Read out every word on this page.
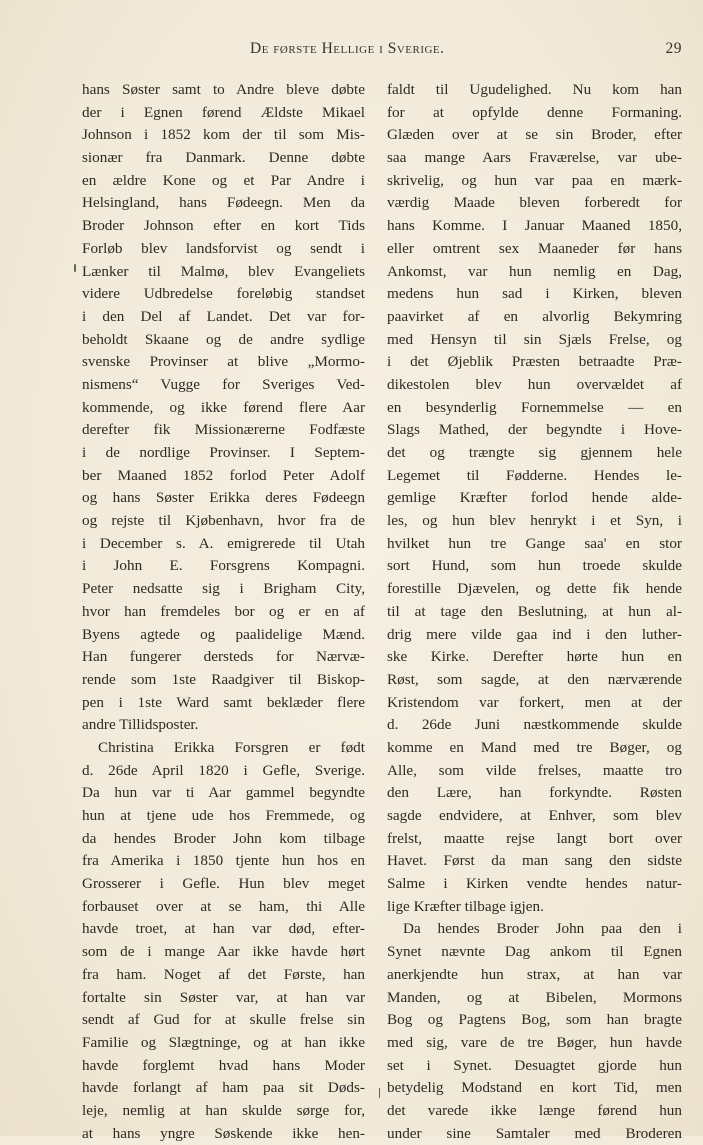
De første Hellige i Sverige.	29
hans Søster samt to Andre bleve døbte
der i Egnen førend Ældste Mikael
Johnson i 1852 kom der til som Mis-
sionær fra Danmark. Denne døbte
en ældre Kone og et Par Andre i
Helsingland, hans Fødeegn. Men da
Broder Johnson efter en kort Tids
Forløb blev landsforvist og sendt i
Lænker til Malmø, blev Evangeliets
videre Udbredelse foreløbig standset
i den Del af Landet. Det var for-
beholdt Skaane og de andre sydlige
svenske Provinser at blive „Mormo-
nismens“ Vugge for Sveriges Ved-
kommende, og ikke førend flere Aar
derefter fik Missionærerne Fodfæste
i de nordlige Provinser. I Septem-
ber Maaned 1852 forlod Peter Adolf
og hans Søster Erikka deres Fødeegn
og rejste til Kjøbenhavn, hvor fra de
i December s. A. emigrerede til Utah
i John E. Forsgrens Kompagni.
Peter nedsatte sig i Brigham City,
hvor han fremdeles bor og er en af
Byens agtede og paalidelige Mænd.
Han fungerer dersteds for Nærvæ-
rende som 1ste Raadgiver til Biskop-
pen i 1ste Ward samt beklæder flere
andre Tillidsposter.
Christina Erikka Forsgren er født
d. 26de April 1820 i Gefle, Sverige.
Da hun var ti Aar gammel begyndte
hun at tjene ude hos Fremmede, og
da hendes Broder John kom tilbage
fra Amerika i 1850 tjente hun hos en
Grosserer i Gefle. Hun blev meget
forbauset over at se ham, thi Alle
havde troet, at han var død, efter-
som de i mange Aar ikke havde hørt
fra ham. Noget af det Første, han
fortalte sin Søster var, at han var
sendt af Gud for at skulle frelse sin
Familie og Slægtninge, og at han ikke
havde forglemt hvad hans Moder
havde forlangt af ham paa sit Døds-
leje, nemlig at han skulde sørge for,
at hans yngre Søskende ikke hen-
faldt til Ugudelighed. Nu kom han
for at opfylde denne Formaning.
Glæden over at se sin Broder, efter
saa mange Aars Fraværelse, var ube-
skrivelig, og hun var paa en mærk-
værdig Maade bleven forberedt for
hans Komme. I Januar Maaned 1850,
eller omtrent sex Maaneder før hans
Ankomst, var hun nemlig en Dag,
medens hun sad i Kirken, bleven
paavirket af en alvorlig Bekymring
med Hensyn til sin Sjæls Frelse, og
i det Øjeblik Præsten betraadte Præ-
dikestolen blev hun overvældet af
en besynderlig Fornemmelse — en
Slags Mathed, der begyndte i Hove-
det og trængte sig gjennem hele
Legemet til Fødderne. Hendes le-
gemlige Kræfter forlod hende alde-
les, og hun blev henrykt i et Syn, i
hvilket hun tre Gange saa' en stor
sort Hund, som hun troede skulde
forestille Djævelen, og dette fik hende
til at tage den Beslutning, at hun al-
drig mere vilde gaa ind i den luther-
ske Kirke. Derefter hørte hun en
Røst, som sagde, at den nærværende
Kristendom var forkert, men at der
d. 26de Juni næstkommende skulde
komme en Mand med tre Bøger, og
Alle, som vilde frelses, maatte tro
den Lære, han forkyndte. Røsten
sagde endvidere, at Enhver, som blev
frelst, maatte rejse langt bort over
Havet. Først da man sang den sidste
Salme i Kirken vendte hendes natur-
lige Kræfter tilbage igjen.
Da hendes Broder John paa den i
Synet nævnte Dag ankom til Egnen
anerkjendte hun strax, at han var
Manden, og at Bibelen, Mormons
Bog og Pagtens Bog, som han bragte
med sig, vare de tre Bøger, hun havde
set i Synet. Desuagtet gjorde hun
betydelig Modstand en kort Tid, men
det varede ikke længe førend hun
under sine Samtaler med Broderen
